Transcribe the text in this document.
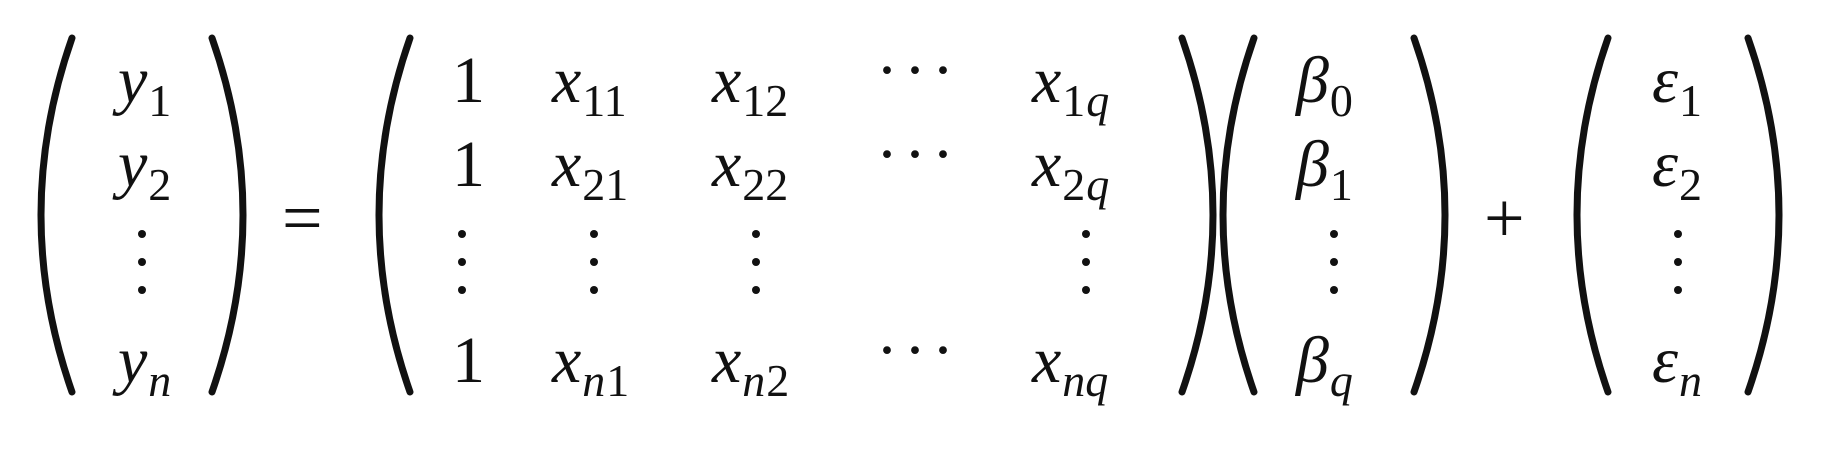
$y_1$
$y_2$
$y_n$
=
1 $x_{11}$ $x_{12}$ ··· $x_{1q}$
1 $x_{21}$ $x_{22}$ ··· $x_{2q}$
1 $x_{n1}$ $x_{n2}$ ··· $x_{nq}$
$\beta_0$
$\beta_1$
$\beta_q$
+
$\varepsilon_1$
$\varepsilon_2$
$\varepsilon_n$
